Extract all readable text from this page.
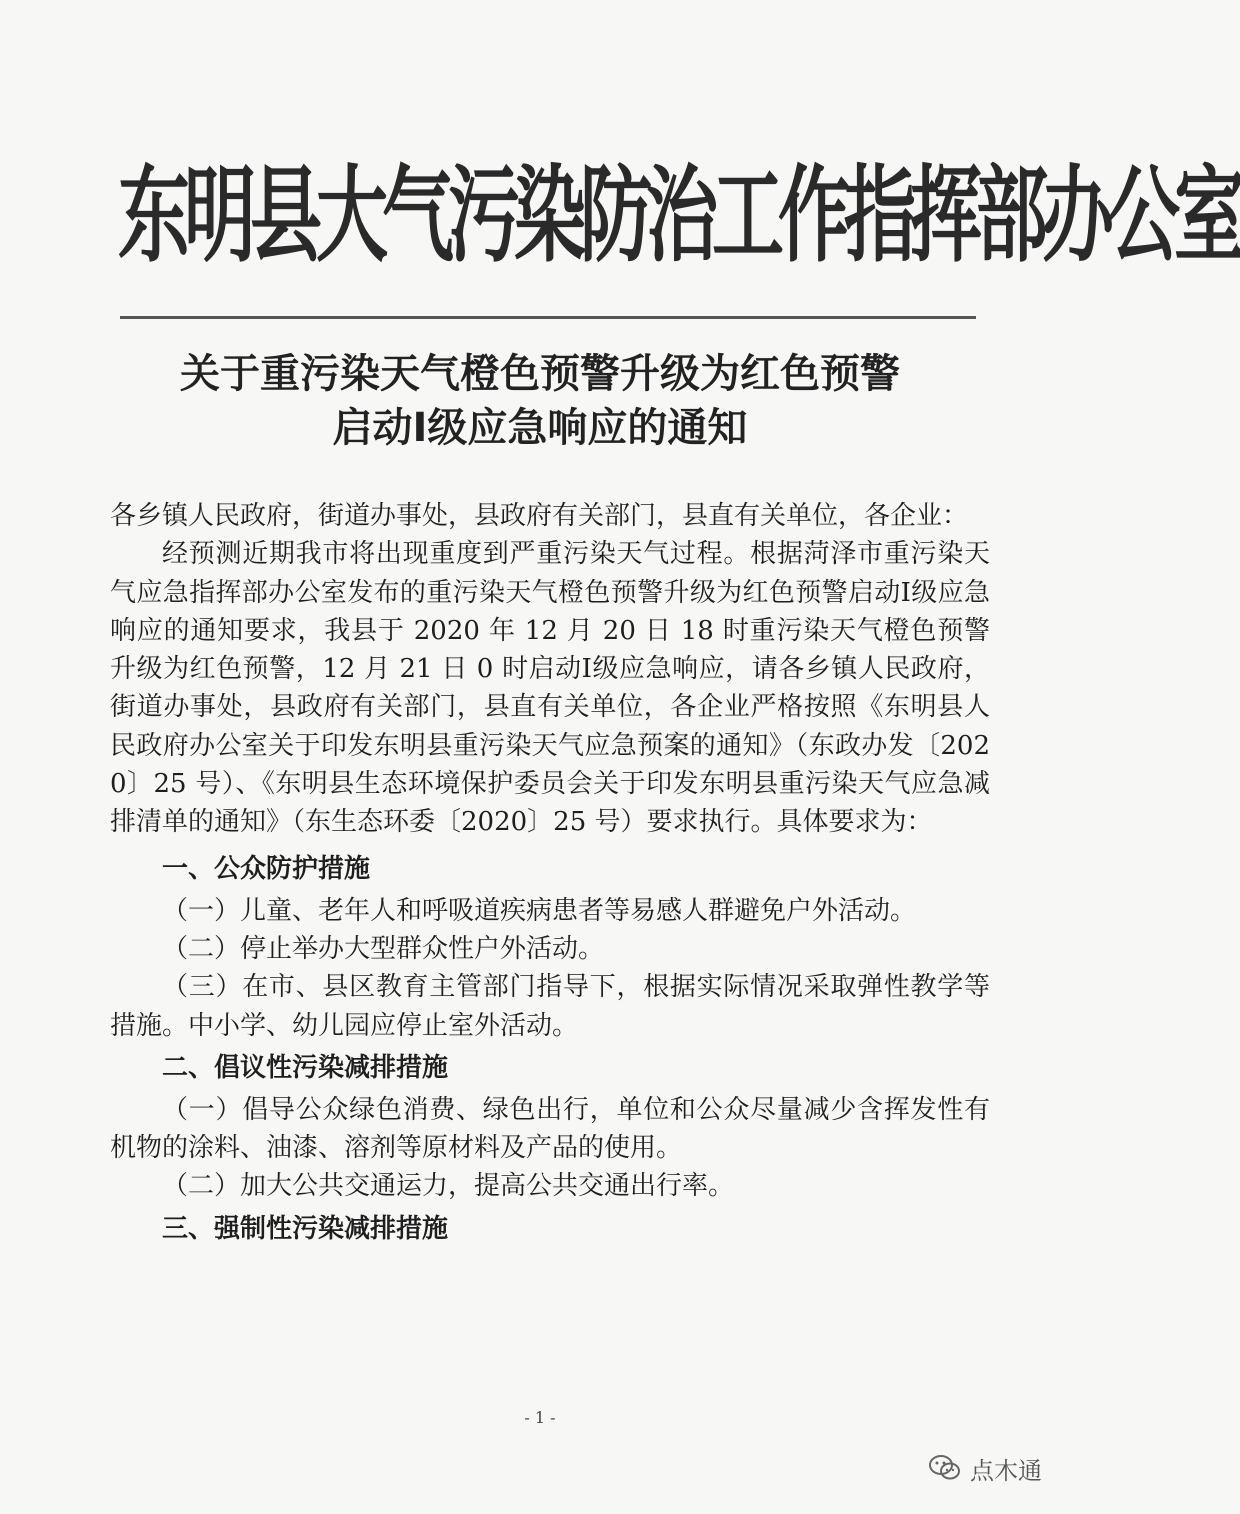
东明县大气污染防治工作指挥部办公室
关于重污染天气橙色预警升级为红色预警
启动Ⅰ级应急响应的通知

各乡镇人民政府，街道办事处，县政府有关部门，县直有关单位，各企业：

经预测近期我市将出现重度到严重污染天气过程。根据菏泽市重污染天气应急指挥部办公室发布的重污染天气橙色预警升级为红色预警启动Ⅰ级应急响应的通知要求，我县于 2020 年 12 月 20 日 18 时重污染天气橙色预警升级为红色预警，12 月 21 日 0 时启动Ⅰ级应急响应，请各乡镇人民政府，街道办事处，县政府有关部门，县直有关单位，各企业严格按照《东明县人民政府办公室关于印发东明县重污染天气应急预案的通知》（东政办发〔2020〕25 号）、《东明县生态环境保护委员会关于印发东明县重污染天气应急减排清单的通知》（东生态环委〔2020〕25 号）要求执行。具体要求为：

一、公众防护措施

（一）儿童、老年人和呼吸道疾病患者等易感人群避免户外活动。

（二）停止举办大型群众性户外活动。

（三）在市、县区教育主管部门指导下，根据实际情况采取弹性教学等措施。中小学、幼儿园应停止室外活动。

二、倡议性污染减排措施

（一）倡导公众绿色消费、绿色出行，单位和公众尽量减少含挥发性有机物的涂料、油漆、溶剂等原材料及产品的使用。

（二）加大公共交通运力，提高公共交通出行率。

三、强制性污染减排措施

- 1 -
点木通
